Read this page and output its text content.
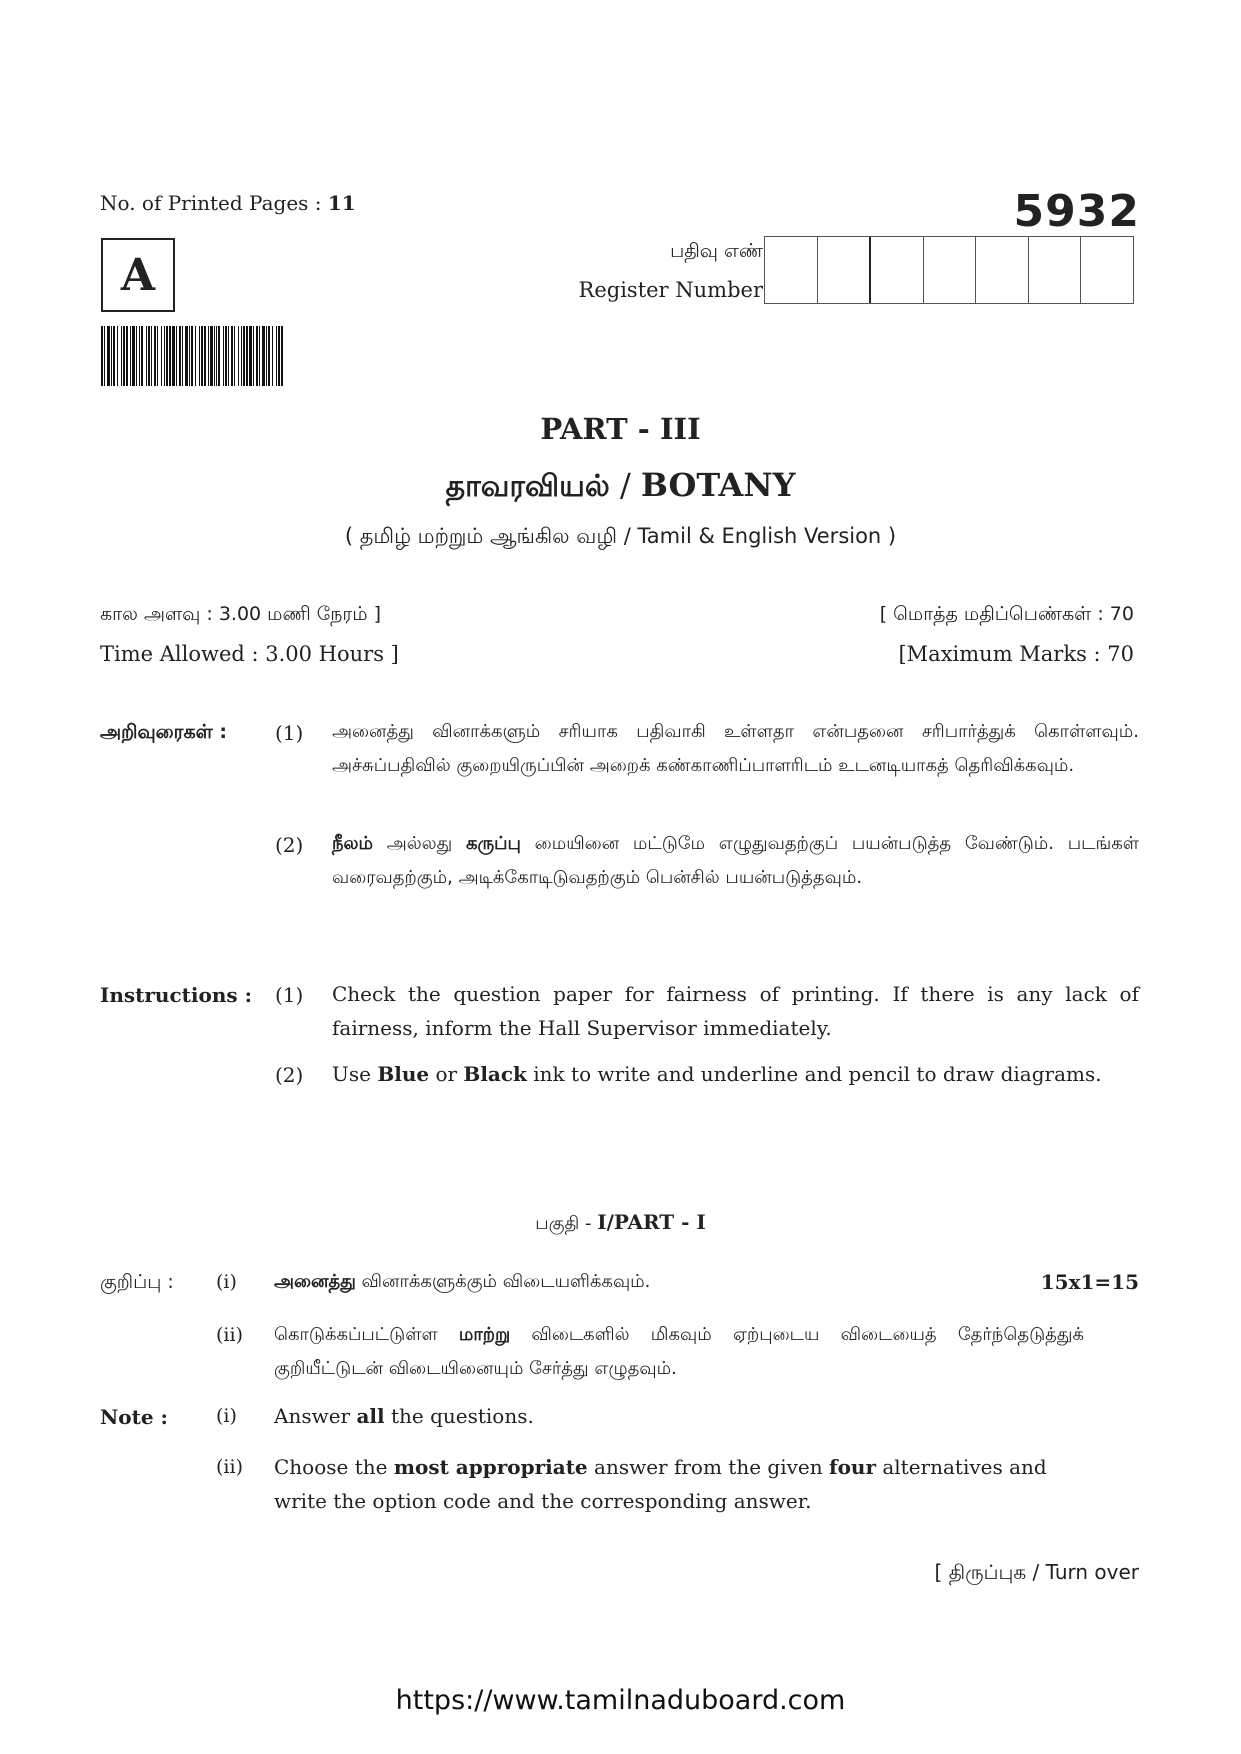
No. of Printed Pages : 11	5932
A	பதிவு எண்
Register Number
PART - III
தாவரவியல் / BOTANY
( தமிழ் மற்றும் ஆங்கில வழி / Tamil & English Version )
கால அளவு : 3.00 மணி நேரம் ]
Time Allowed : 3.00 Hours ]
[ மொத்த மதிப்பெண்கள் : 70
[Maximum Marks : 70
அறிவுரைகள் : (1) அனைத்து வினாக்களும் சரியாக பதிவாகி உள்ளதா என்பதனை சரிபார்த்துக் கொள்ளவும். அச்சுப்பதிவில் குறையிருப்பின் அறைக் கண்காணிப்பாளரிடம் உடனடியாகத் தெரிவிக்கவும்.
(2) நீலம் அல்லது கருப்பு மையினை மட்டுமே எழுதுவதற்குப் பயன்படுத்த வேண்டும். படங்கள் வரைவதற்கும், அடிக்கோடிடுவதற்கும் பென்சில் பயன்படுத்தவும்.
Instructions : (1) Check the question paper for fairness of printing. If there is any lack of fairness, inform the Hall Supervisor immediately.
(2) Use Blue or Black ink to write and underline and pencil to draw diagrams.
பகுதி - I/PART - I
குறிப்பு : (i) அனைத்து வினாக்களுக்கும் விடையளிக்கவும்.	15x1=15
(ii) கொடுக்கப்பட்டுள்ள மாற்று விடைகளில் மிகவும் ஏற்புடைய விடையைத் தேர்ந்தெடுத்துக் குறியீட்டுடன் விடையினையும் சேர்த்து எழுதவும்.
Note :	(i) Answer all the questions.
(ii) Choose the most appropriate answer from the given four alternatives and write the option code and the corresponding answer.
[ திருப்புக / Turn over
https://www.tamilnaduboard.com
